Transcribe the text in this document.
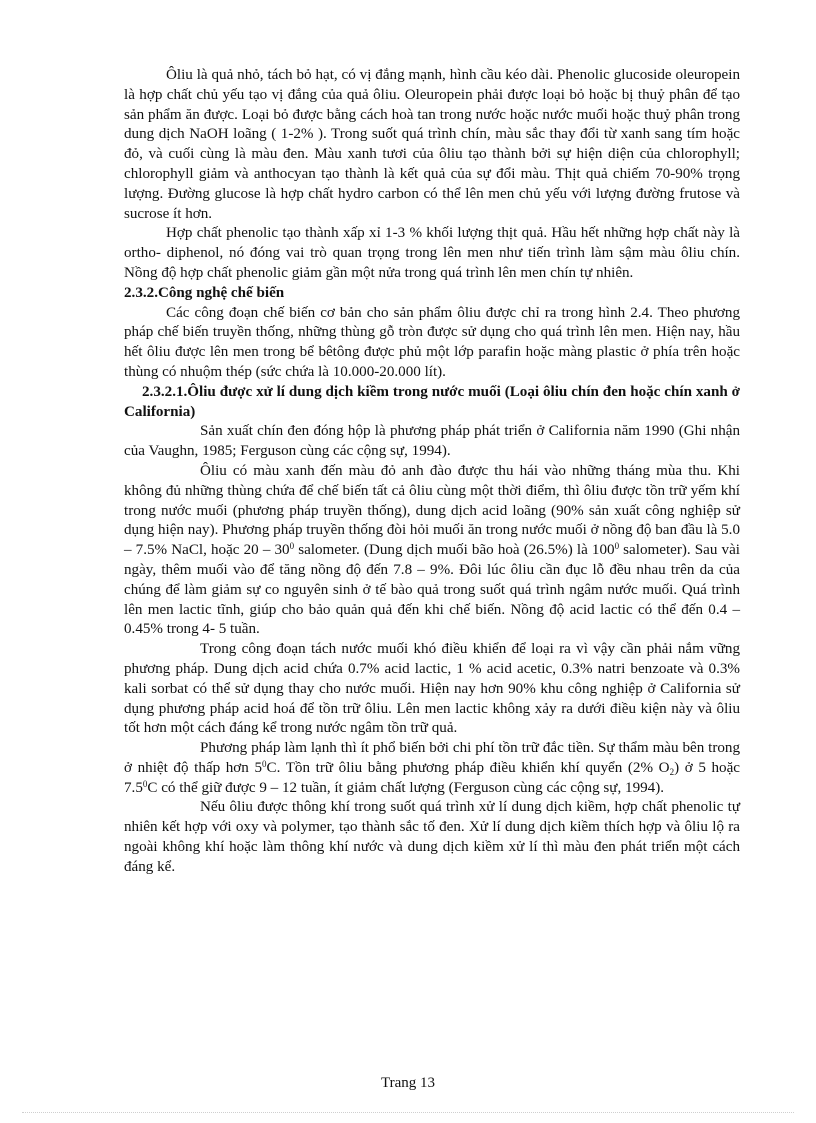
Ôliu là quả nhỏ, tách bỏ hạt, có vị đắng mạnh, hình cầu kéo dài. Phenolic glucoside oleuropein là hợp chất chủ yếu tạo vị đắng của quả ôliu. Oleuropein phải được loại bỏ hoặc bị thuỷ phân để tạo sản phẩm ăn được. Loại bỏ được bằng cách hoà tan trong nước hoặc nước muối hoặc thuỷ phân trong dung dịch NaOH loãng ( 1-2% ). Trong suốt quá trình chín, màu sắc thay đổi từ xanh sang tím hoặc đỏ, và cuối cùng là màu đen. Màu xanh tươi của ôliu tạo thành bởi sự hiện diện của chlorophyll; chlorophyll giảm và anthocyan tạo thành là kết quả của sự đổi màu. Thịt quả chiếm 70-90% trọng lượng. Đường glucose là hợp chất hydro carbon có thể lên men chủ yếu với lượng đường frutose và sucrose ít hơn.

Hợp chất phenolic tạo thành xấp xỉ 1-3 % khối lượng thịt quả. Hầu hết những hợp chất này là ortho- diphenol, nó đóng vai trò quan trọng trong lên men như tiến trình làm sậm màu ôliu chín. Nồng độ hợp chất phenolic giảm gần một nửa trong quá trình lên men chín tự nhiên.

2.3.2.Công nghệ chế biến

Các công đoạn chế biến cơ bản cho sản phẩm ôliu được chỉ ra trong hình 2.4. Theo phương pháp chế biến truyền thống, những thùng gỗ tròn được sử dụng cho quá trình lên men. Hiện nay, hầu hết ôliu được lên men trong bể bêtông được phủ một lớp parafin hoặc màng plastic ở phía trên hoặc thùng có nhuộm thép (sức chứa là 10.000-20.000 lít).

2.3.2.1.Ôliu được xử lí dung dịch kiềm trong nước muối (Loại ôliu chín đen hoặc chín xanh ở California)

Sản xuất chín đen đóng hộp là phương pháp phát triển ở California năm 1990 (Ghi nhận của Vaughn, 1985; Ferguson cùng các cộng sự, 1994).

Ôliu có màu xanh đến màu đỏ anh đào được thu hái vào những tháng mùa thu. Khi không đủ những thùng chứa để chế biến tất cả ôliu cùng một thời điểm, thì ôliu được tồn trữ yếm khí trong nước muối (phương pháp truyền thống), dung dịch acid loãng (90% sản xuất công nghiệp sử dụng hiện nay). Phương pháp truyền thống đòi hỏi muối ăn trong nước muối ở nồng độ ban đầu là 5.0 – 7.5% NaCl, hoặc $20 - 30^0$ salometer. (Dung dịch muối bão hoà (26.5%) là $100^0$ salometer). Sau vài ngày, thêm muối vào để tăng nồng độ đến 7.8 – 9%. Đôi lúc ôliu cần đục lỗ đều nhau trên da của chúng để làm giảm sự co nguyên sinh ở tế bào quả trong suốt quá trình ngâm nước muối. Quá trình lên men lactic tĩnh, giúp cho bảo quản quả đến khi chế biến. Nồng độ acid lactic có thể đến 0.4 – 0.45% trong 4- 5 tuần.

Trong công đoạn tách nước muối khó điều khiển để loại ra vì vậy cần phải nắm vững phương pháp. Dung dịch acid chứa 0.7% acid lactic, 1 % acid acetic, 0.3% natri benzoate và 0.3% kali sorbat có thể sử dụng thay cho nước muối. Hiện nay hơn 90% khu công nghiệp ở California sử dụng phương pháp acid hoá để tồn trữ ôliu. Lên men lactic không xảy ra dưới điều kiện này và ôliu tốt hơn một cách đáng kể trong nước ngâm tồn trữ quả.

Phương pháp làm lạnh thì ít phổ biến bởi chi phí tồn trữ đắc tiền. Sự thẩm màu bên trong ở nhiệt độ thấp hơn $5^0C$. Tồn trữ ôliu bằng phương pháp điều khiển khí quyển (2% $O_2$) ở 5 hoặc $7.5^0C$ có thể giữ được 9 – 12 tuần, ít giảm chất lượng (Ferguson cùng các cộng sự, 1994).

Nếu ôliu được thông khí trong suốt quá trình xử lí dung dịch kiềm, hợp chất phenolic tự nhiên kết hợp với oxy và polymer, tạo thành sắc tố đen. Xử lí dung dịch kiềm thích hợp và ôliu lộ ra ngoài không khí hoặc làm thông khí nước và dung dịch kiềm xử lí thì màu đen phát triển một cách đáng kể.

Trang 13
